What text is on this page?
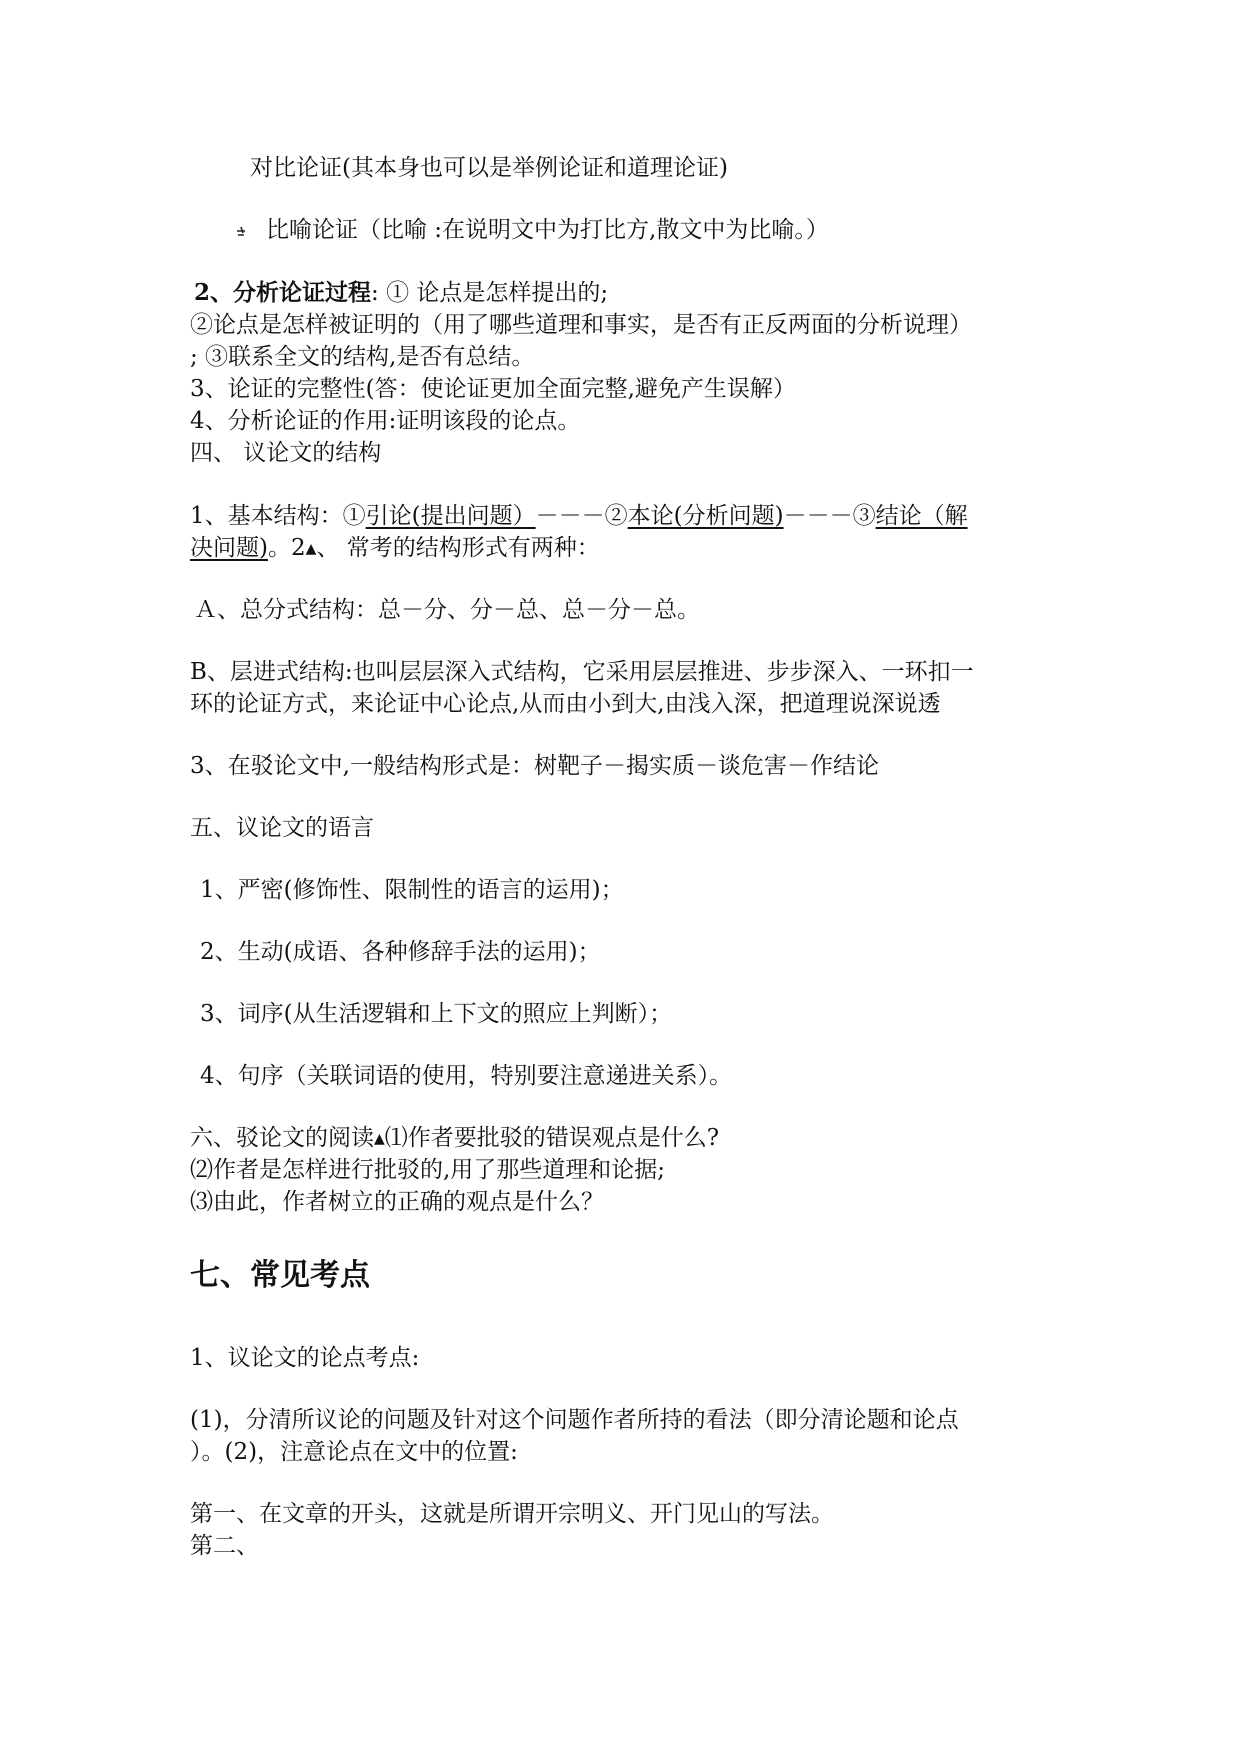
对比论证(其本身也可以是举例论证和道理论证)
比喻论证（比喻 :在说明文中为打比方,散文中为比喻。）
2、分析论证过程: ① 论点是怎样提出的;
②论点是怎样被证明的（用了哪些道理和事实，是否有正反两面的分析说理）
; ③联系全文的结构,是否有总结。
3、论证的完整性(答：使论证更加全面完整,避免产生误解）
4、分析论证的作用:证明该段的论点。
四、 议论文的结构
1、基本结构：①引论(提出问题）－－－②本论(分析问题)－－－③结论（解
决问题)。2▲、 常考的结构形式有两种：
Ａ、总分式结构：总－分、分－总、总－分－总。
B、层进式结构:也叫层层深入式结构，它采用层层推进、步步深入、一环扣一
环的论证方式，来论证中心论点,从而由小到大,由浅入深，把道理说深说透
3、在驳论文中,一般结构形式是：树靶子－揭实质－谈危害－作结论
五、议论文的语言
1、严密(修饰性、限制性的语言的运用)；
2、生动(成语、各种修辞手法的运用)；
3、词序(从生活逻辑和上下文的照应上判断）；
4、句序（关联词语的使用，特别要注意递进关系）。
六、驳论文的阅读▲⑴作者要批驳的错误观点是什么?
⑵作者是怎样进行批驳的,用了那些道理和论据;
⑶由此，作者树立的正确的观点是什么？
七、常见考点
1、议论文的论点考点:
(1)，分清所议论的问题及针对这个问题作者所持的看法（即分清论题和论点
）。(2)，注意论点在文中的位置:
第一、在文章的开头，这就是所谓开宗明义、开门见山的写法。
第二、
